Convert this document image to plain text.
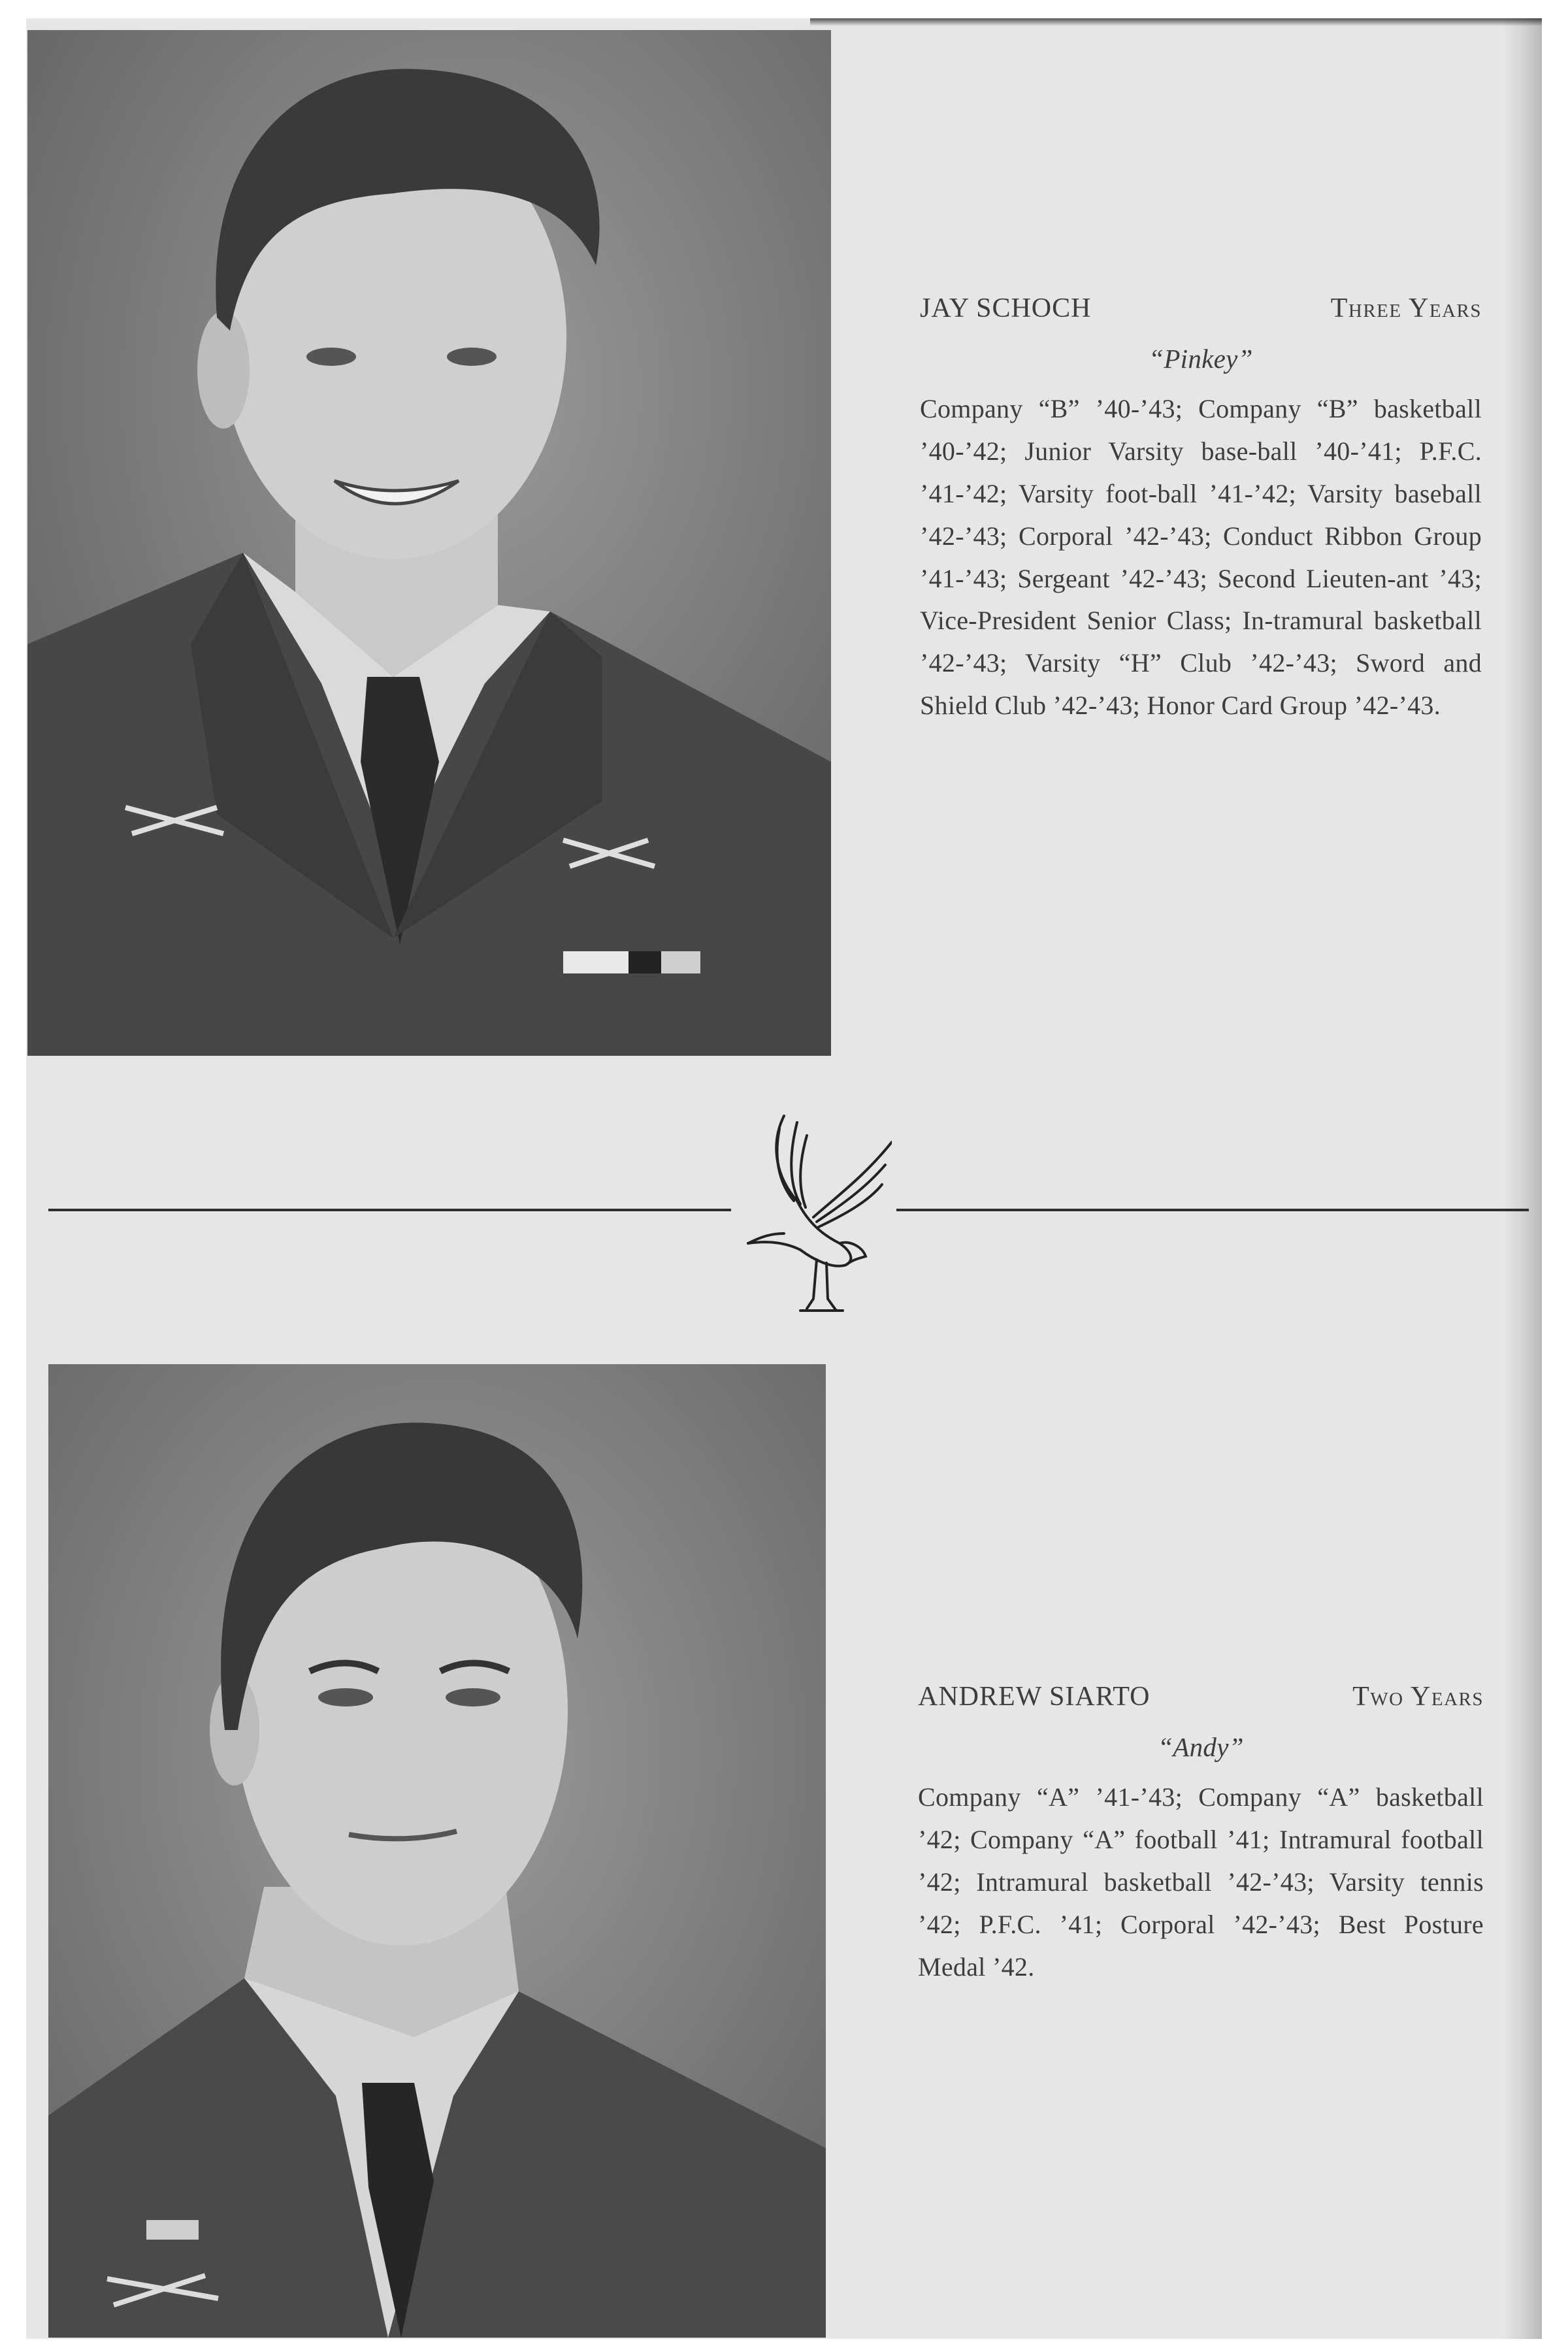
JAY SCHOCH	Three Years
“Pinkey”
Company “B” ’40-’43; Company “B” basketball ’40-’42; Junior Varsity base-ball ’40-’41; P.F.C. ’41-’42; Varsity foot-ball ’41-’42; Varsity baseball ’42-’43; Corporal ’42-’43; Conduct Ribbon Group ’41-’43; Sergeant ’42-’43; Second Lieuten-ant ’43; Vice-President Senior Class; In-tramural basketball ’42-’43; Varsity “H” Club ’42-’43; Sword and Shield Club ’42-’43; Honor Card Group ’42-’43.
ANDREW SIARTO	Two Years
“Andy”
Company “A” ’41-’43; Company “A” basketball ’42; Company “A” football ’41; Intramural football ’42; Intramural basketball ’42-’43; Varsity tennis ’42; P.F.C. ’41; Corporal ’42-’43; Best Posture Medal ’42.
